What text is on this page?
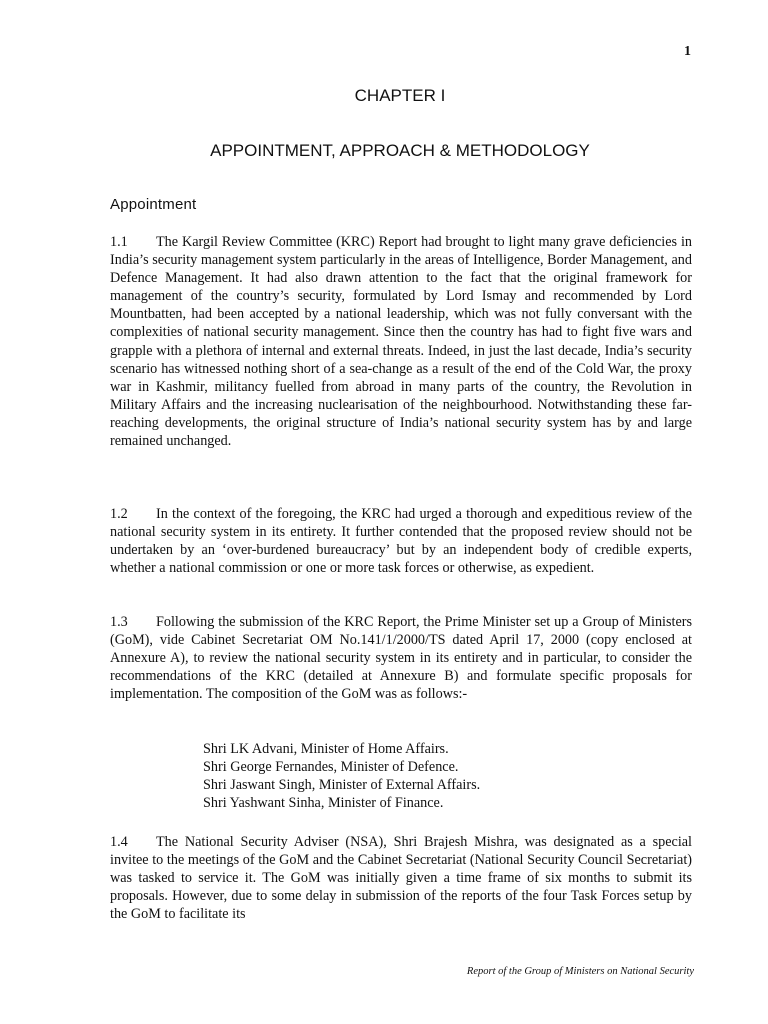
1
CHAPTER I
APPOINTMENT, APPROACH & METHODOLOGY
Appointment

1.1 The Kargil Review Committee (KRC) Report had brought to light many grave deficiencies in India’s security management system particularly in the areas of Intelligence, Border Management, and Defence Management. It had also drawn attention to the fact that the original framework for management of the country’s security, formulated by Lord Ismay and recommended by Lord Mountbatten, had been accepted by a national leadership, which was not fully conversant with the complexities of national security management. Since then the country has had to fight five wars and grapple with a plethora of internal and external threats. Indeed, in just the last decade, India’s security scenario has witnessed nothing short of a sea-change as a result of the end of the Cold War, the proxy war in Kashmir, militancy fuelled from abroad in many parts of the country, the Revolution in Military Affairs and the increasing nuclearisation of the neighbourhood. Notwithstanding these far-reaching developments, the original structure of India’s national security system has by and large remained unchanged.

1.2 In the context of the foregoing, the KRC had urged a thorough and expeditious review of the national security system in its entirety. It further contended that the proposed review should not be undertaken by an ‘over-burdened bureaucracy’ but by an independent body of credible experts, whether a national commission or one or more task forces or otherwise, as expedient.

1.3 Following the submission of the KRC Report, the Prime Minister set up a Group of Ministers (GoM), vide Cabinet Secretariat OM No.141/1/2000/TS dated April 17, 2000 (copy enclosed at Annexure A), to review the national security system in its entirety and in particular, to consider the recommendations of the KRC (detailed at Annexure B) and formulate specific proposals for implementation. The composition of the GoM was as follows:-

Shri LK Advani, Minister of Home Affairs.
Shri George Fernandes, Minister of Defence.
Shri Jaswant Singh, Minister of External Affairs.
Shri Yashwant Sinha, Minister of Finance.

1.4 The National Security Adviser (NSA), Shri Brajesh Mishra, was designated as a special invitee to the meetings of the GoM and the Cabinet Secretariat (National Security Council Secretariat) was tasked to service it. The GoM was initially given a time frame of six months to submit its proposals. However, due to some delay in submission of the reports of the four Task Forces setup by the GoM to facilitate its

Report of the Group of Ministers on National Security
